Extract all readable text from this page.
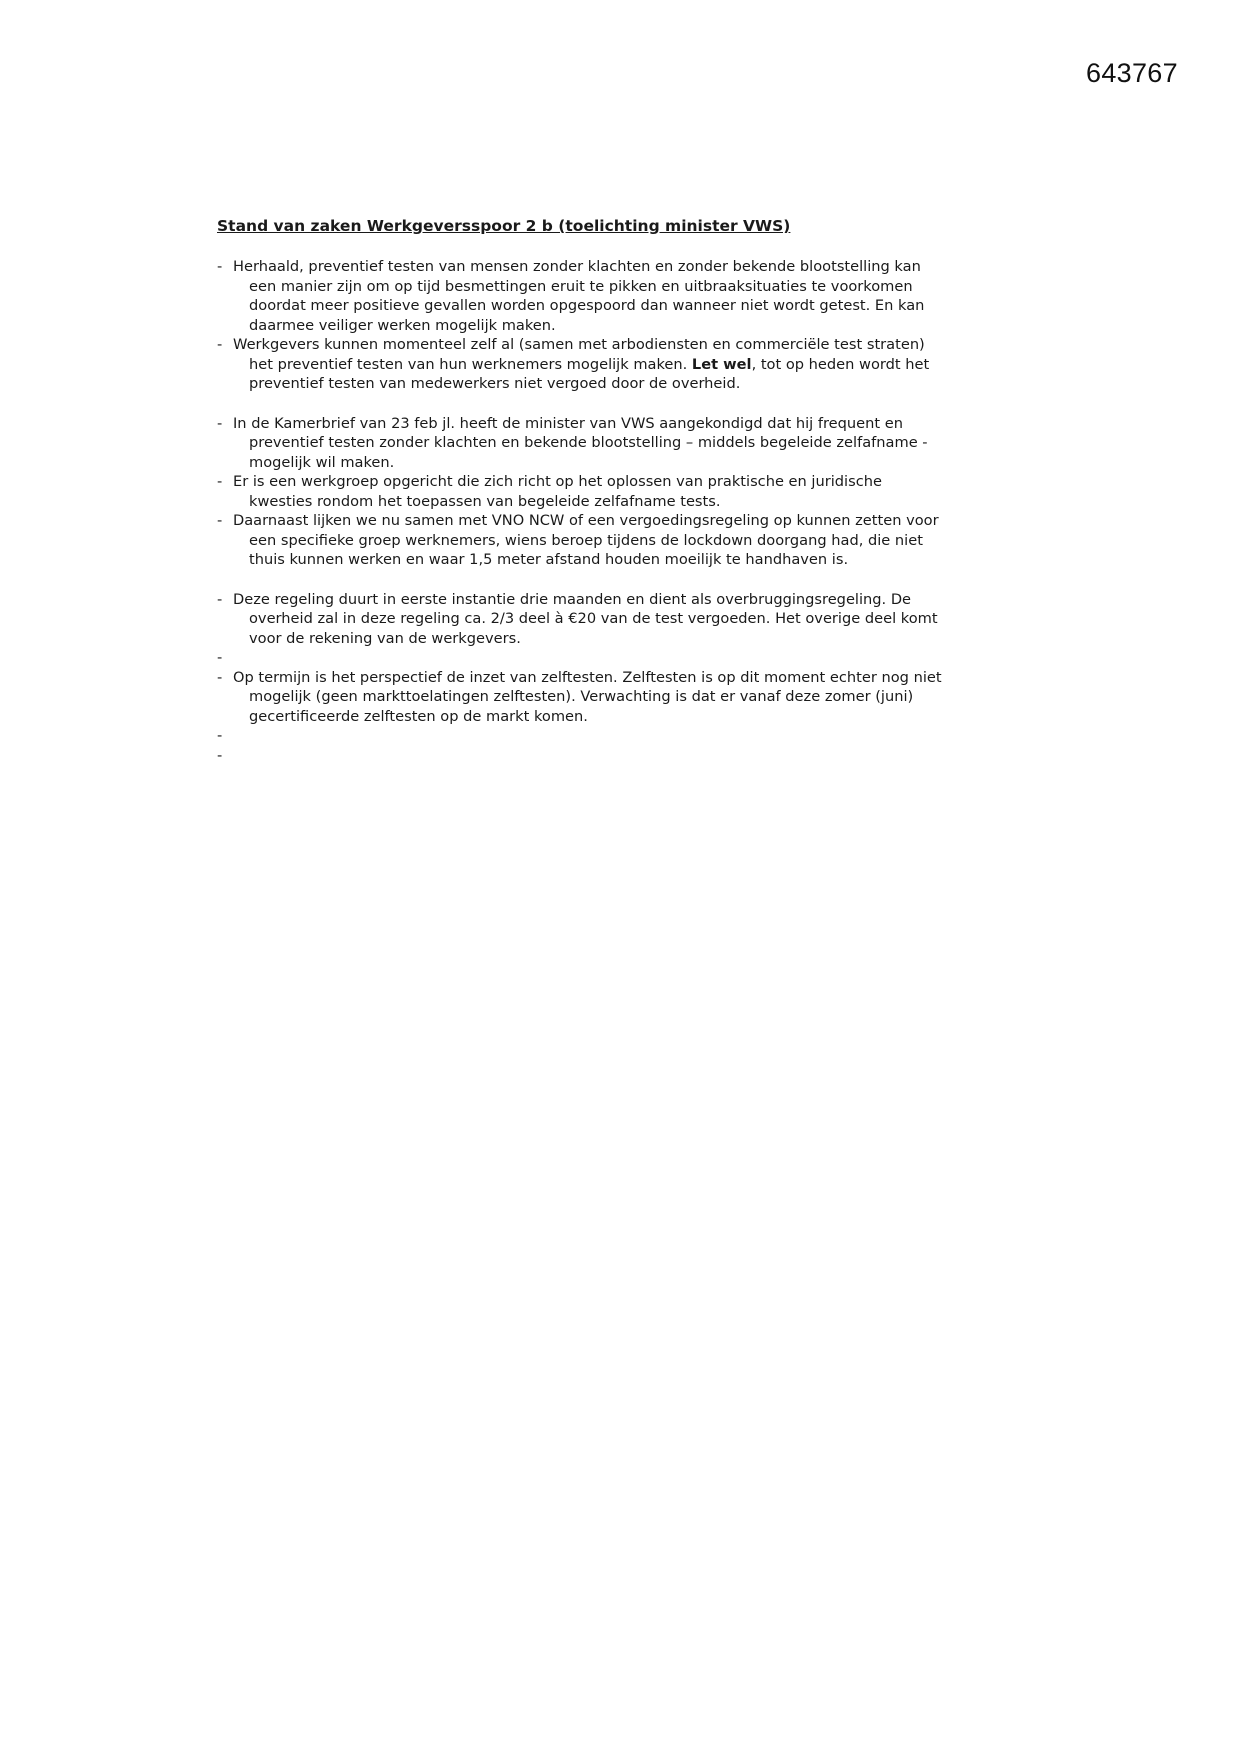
643767
Stand van zaken Werkgeversspoor 2 b (toelichting minister VWS)
- Herhaald, preventief testen van mensen zonder klachten en zonder bekende blootstelling kan
een manier zijn om op tijd besmettingen eruit te pikken en uitbraaksituaties te voorkomen
doordat meer positieve gevallen worden opgespoord dan wanneer niet wordt getest. En kan
daarmee veiliger werken mogelijk maken.
- Werkgevers kunnen momenteel zelf al (samen met arbodiensten en commerciële test straten)
het preventief testen van hun werknemers mogelijk maken. Let wel, tot op heden wordt het
preventief testen van medewerkers niet vergoed door de overheid.
- In de Kamerbrief van 23 feb jl. heeft de minister van VWS aangekondigd dat hij frequent en
preventief testen zonder klachten en bekende blootstelling – middels begeleide zelfafname -
mogelijk wil maken.
- Er is een werkgroep opgericht die zich richt op het oplossen van praktische en juridische
kwesties rondom het toepassen van begeleide zelfafname tests.
- Daarnaast lijken we nu samen met VNO NCW of een vergoedingsregeling op kunnen zetten voor
een specifieke groep werknemers, wiens beroep tijdens de lockdown doorgang had, die niet
thuis kunnen werken en waar 1,5 meter afstand houden moeilijk te handhaven is.
- Deze regeling duurt in eerste instantie drie maanden en dient als overbruggingsregeling. De
overheid zal in deze regeling ca. 2/3 deel à €20 van de test vergoeden. Het overige deel komt
voor de rekening van de werkgevers.
-
- Op termijn is het perspectief de inzet van zelftesten. Zelftesten is op dit moment echter nog niet
mogelijk (geen markttoelatingen zelftesten). Verwachting is dat er vanaf deze zomer (juni)
gecertificeerde zelftesten op de markt komen.
-
-
